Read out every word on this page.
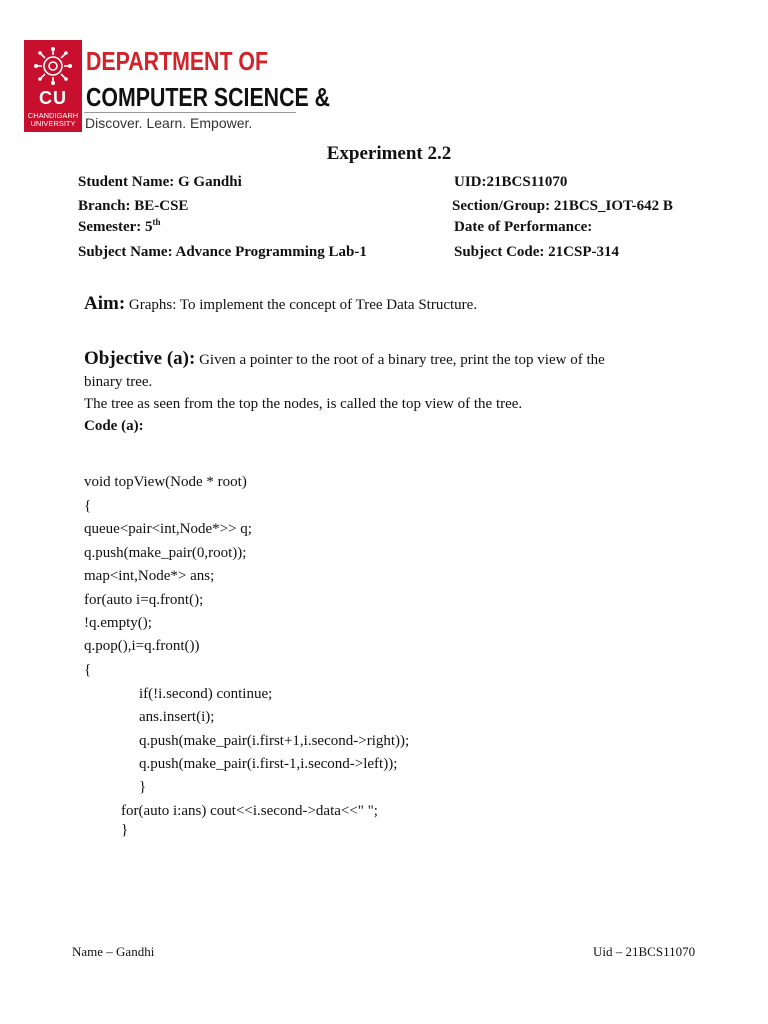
CU
CHANDIGARH
UNIVERSITY
DEPARTMENT OF
COMPUTER SCIENCE &
Discover. Learn. Empower.
Experiment 2.2
Student Name: G Gandhi	UID:21BCS11070
Branch: BE-CSE	Section/Group: 21BCS_IOT-642 B
Semester: 5th	Date of Performance:
Subject Name: Advance Programming Lab-1	Subject Code: 21CSP-314
Aim: Graphs: To implement the concept of Tree Data Structure.
Objective (a): Given a pointer to the root of a binary tree, print the top view of the
binary tree.
The tree as seen from the top the nodes, is called the top view of the tree.
Code (a):
void topView(Node * root)
{
queue<pair<int,Node*>> q;
q.push(make_pair(0,root));
map<int,Node*> ans;
for(auto i=q.front();
!q.empty();
q.pop(),i=q.front())
{
if(!i.second) continue;
ans.insert(i);
q.push(make_pair(i.first+1,i.second->right));
q.push(make_pair(i.first-1,i.second->left));
}
for(auto i:ans) cout<<i.second->data<<" ";
}
Name – Gandhi	Uid – 21BCS11070
